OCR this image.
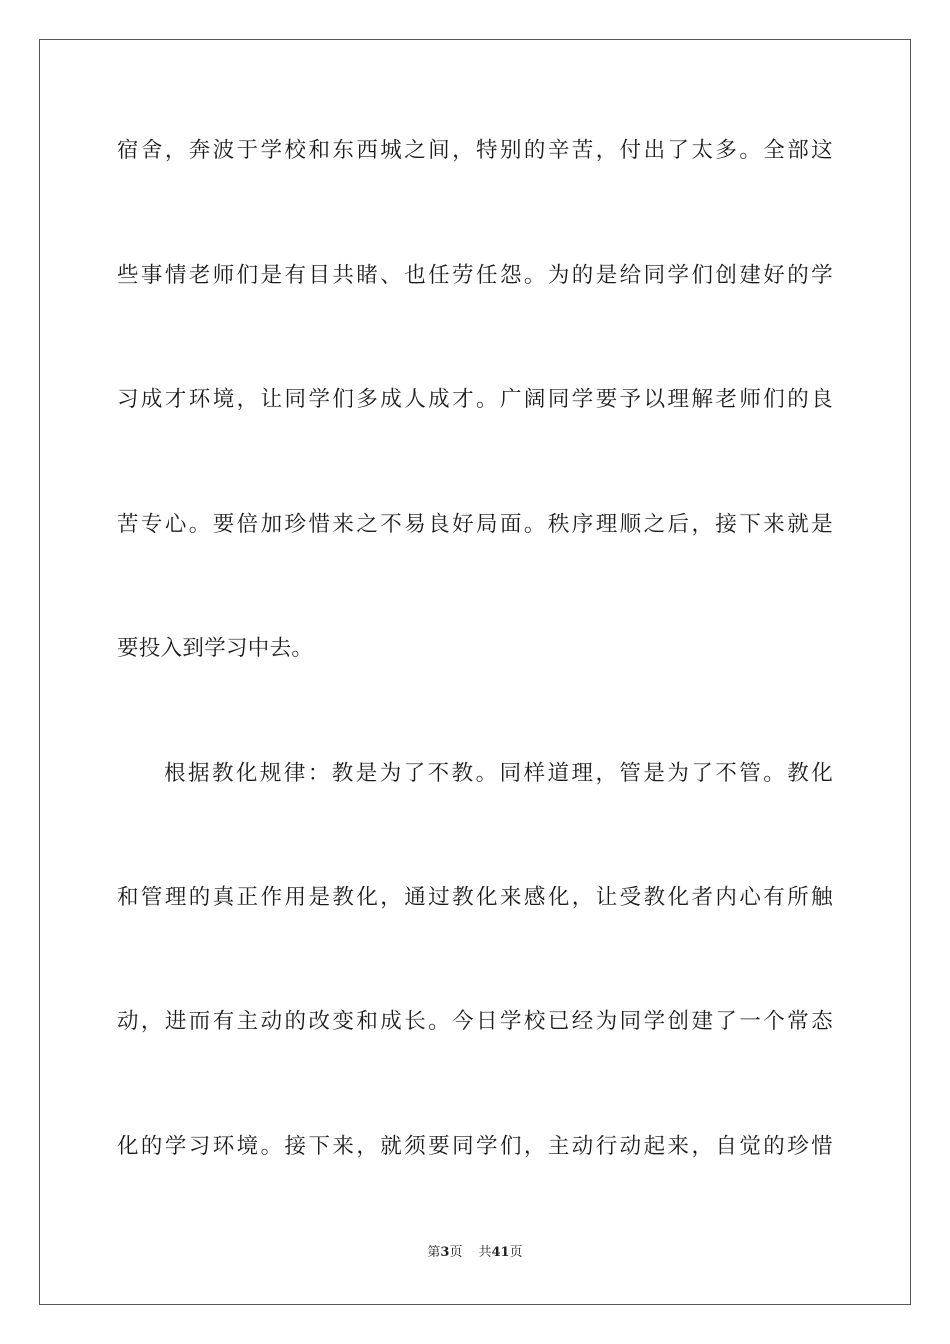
宿舍，奔波于学校和东西城之间，特别的辛苦，付出了太多。全部这
些事情老师们是有目共睹、也任劳任怨。为的是给同学们创建好的学
习成才环境，让同学们多成人成才。广阔同学要予以理解老师们的良
苦专心。要倍加珍惜来之不易良好局面。秩序理顺之后，接下来就是
要投入到学习中去。
根据教化规律：教是为了不教。同样道理，管是为了不管。教化
和管理的真正作用是教化，通过教化来感化，让受教化者内心有所触
动，进而有主动的改变和成长。今日学校已经为同学创建了一个常态
化的学习环境。接下来，就须要同学们，主动行动起来，自觉的珍惜
第3页 共41页
